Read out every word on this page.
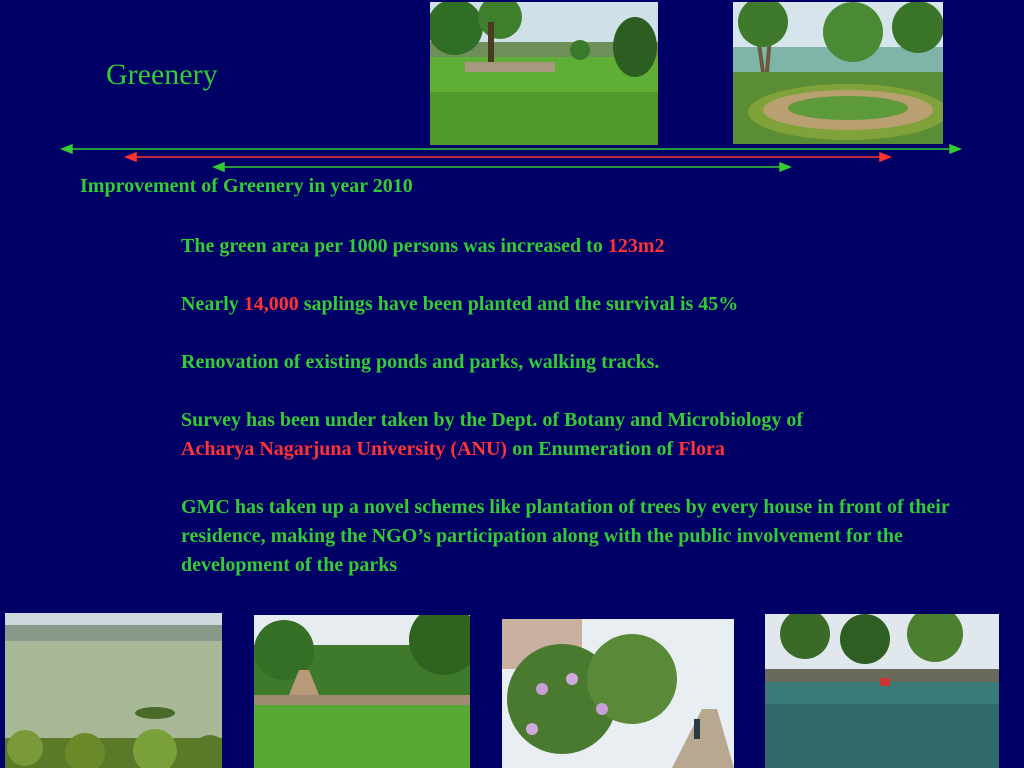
Greenery
Improvement of Greenery in year 2010

The green area per 1000 persons was increased to 123m2

Nearly 14,000 saplings have been planted and the survival is 45%

Renovation of existing ponds and parks, walking tracks.

Survey has been under taken by the Dept. of Botany and Microbiology of
Acharya Nagarjuna University (ANU) on Enumeration of Flora

GMC has taken up a novel schemes like plantation of trees by every house in front of their residence, making the NGO’s participation along with the public involvement for the development of the parks
